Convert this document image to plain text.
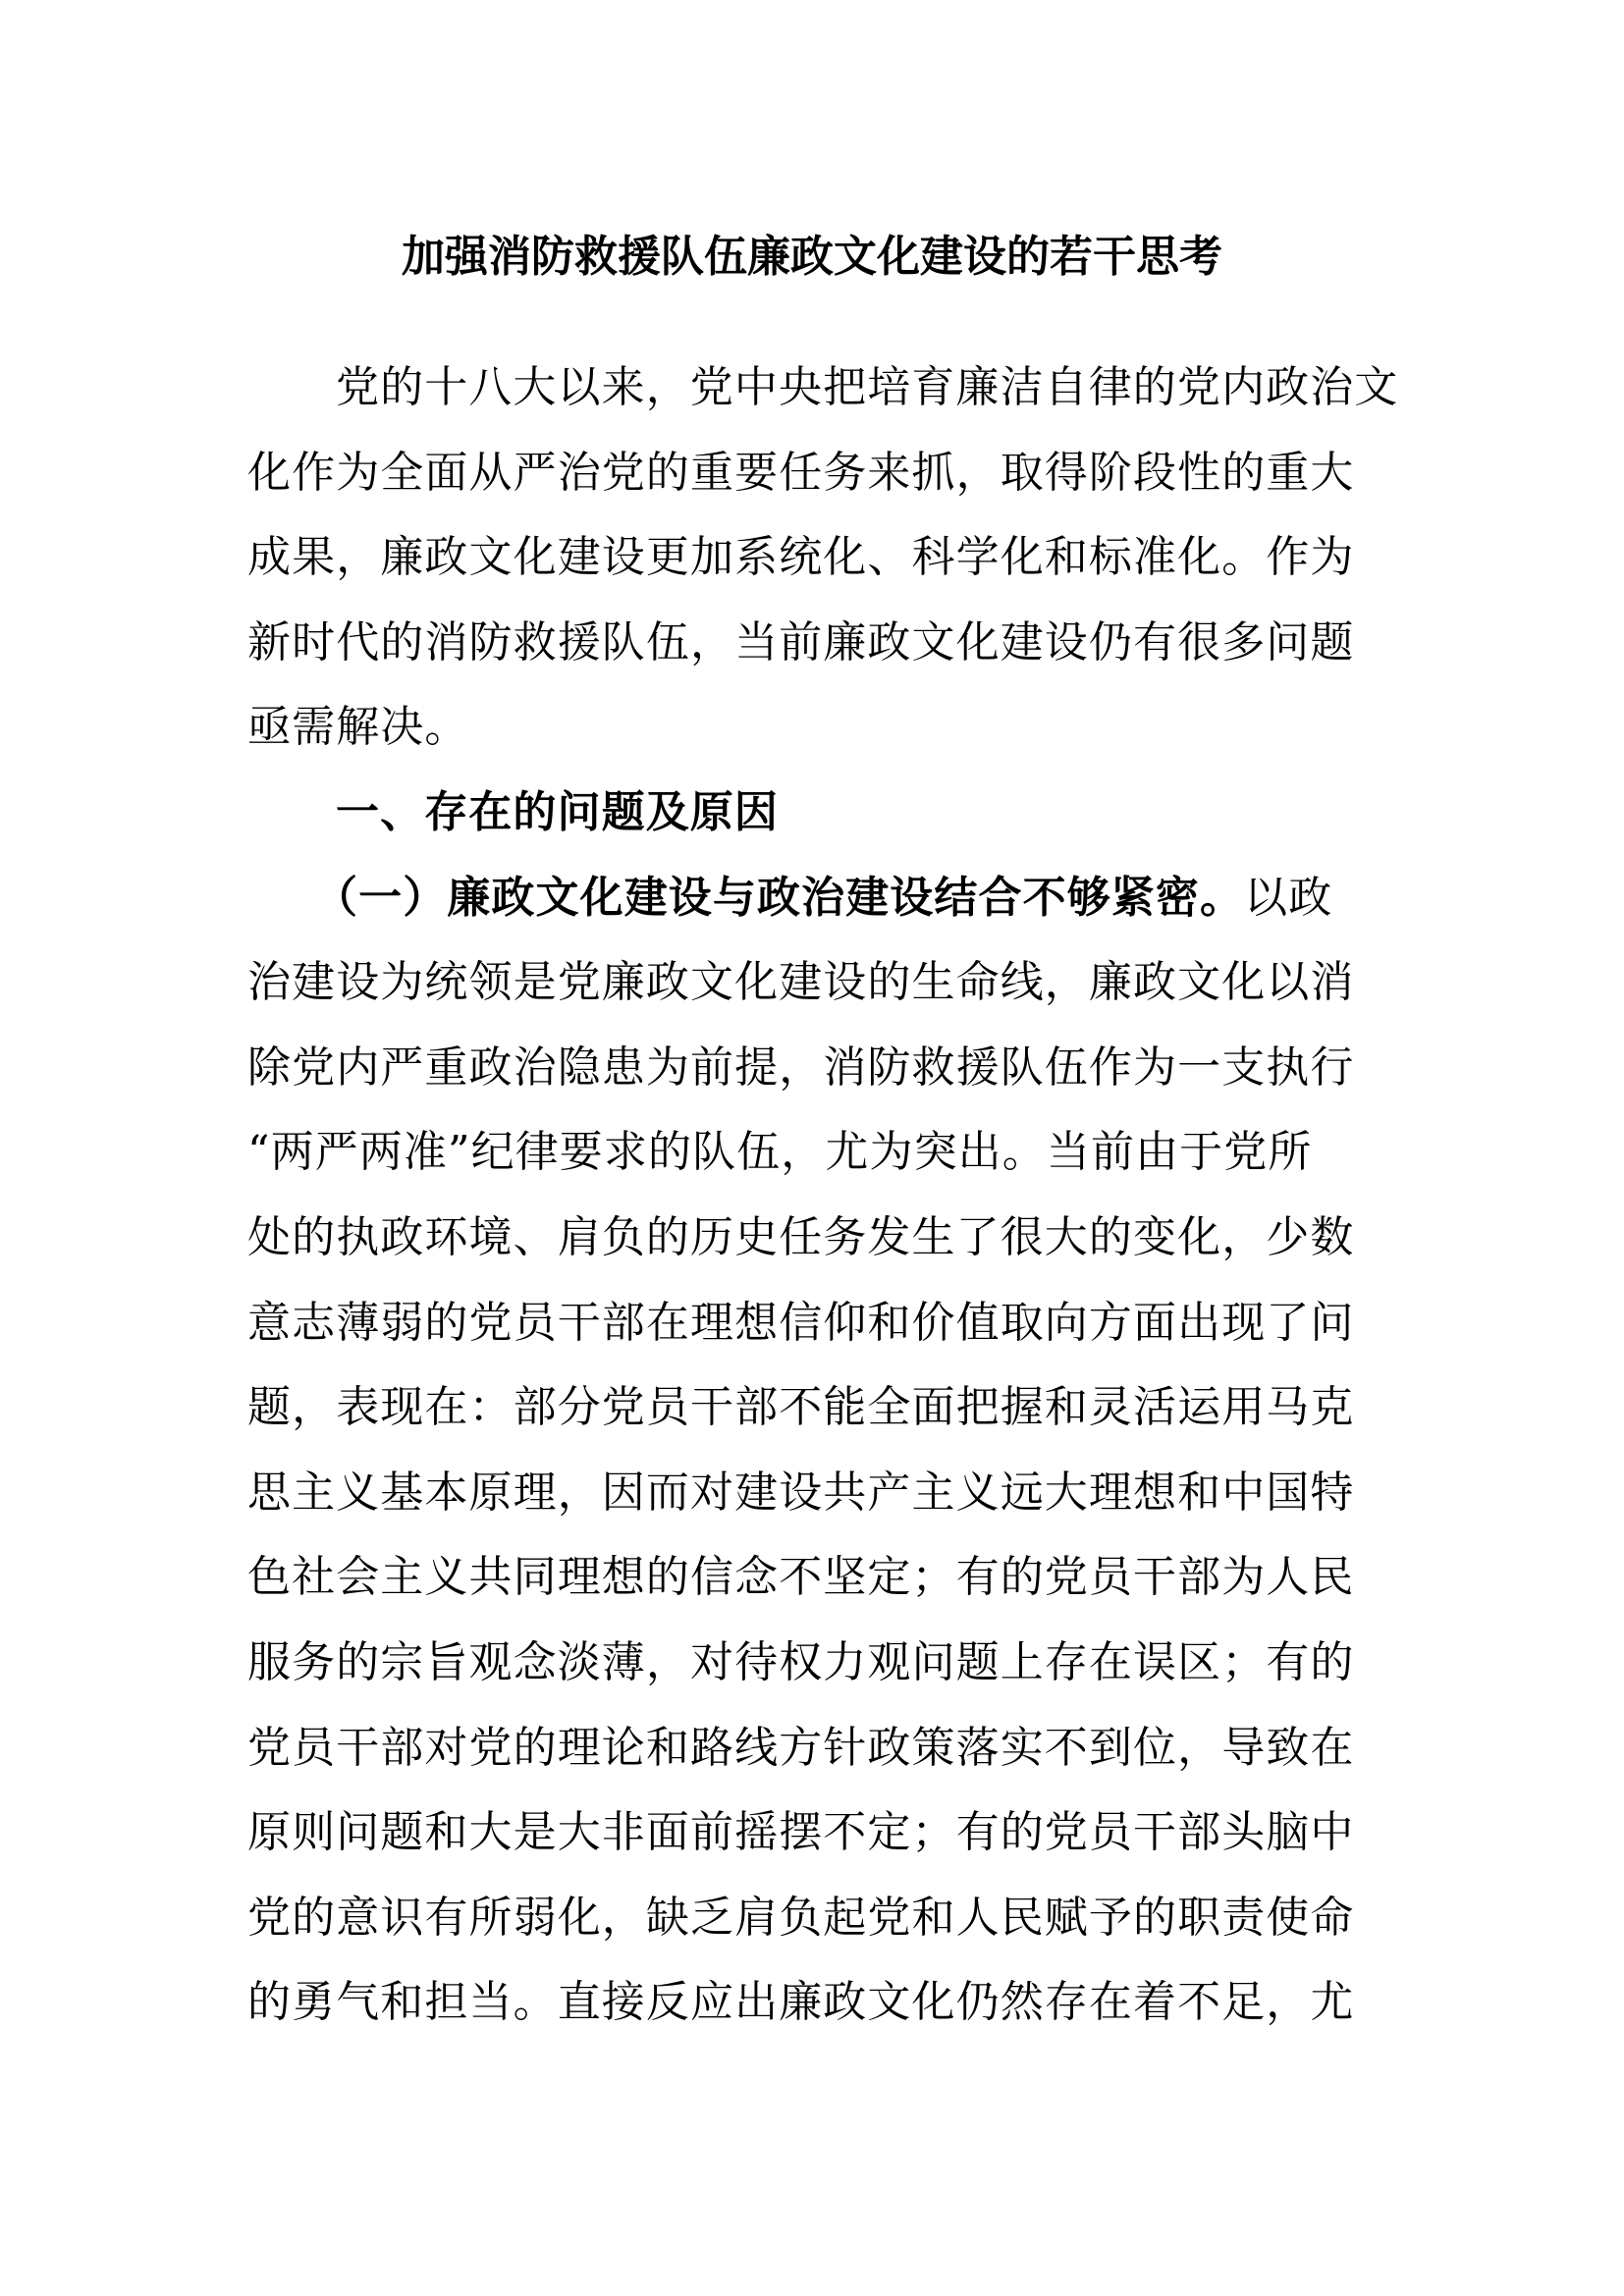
加强消防救援队伍廉政文化建设的若干思考

党的十八大以来，党中央把培育廉洁自律的党内政治文

化作为全面从严治党的重要任务来抓，取得阶段性的重大

成果，廉政文化建设更加系统化、科学化和标准化。作为

新时代的消防救援队伍，当前廉政文化建设仍有很多问题

亟需解决。

一、存在的问题及原因

（一）廉政文化建设与政治建设结合不够紧密。以政

治建设为统领是党廉政文化建设的生命线，廉政文化以消

除党内严重政治隐患为前提，消防救援队伍作为一支执行

“两严两准”纪律要求的队伍，尤为突出。当前由于党所

处的执政环境、肩负的历史任务发生了很大的变化，少数

意志薄弱的党员干部在理想信仰和价值取向方面出现了问

题，表现在：部分党员干部不能全面把握和灵活运用马克

思主义基本原理，因而对建设共产主义远大理想和中国特

色社会主义共同理想的信念不坚定；有的党员干部为人民

服务的宗旨观念淡薄，对待权力观问题上存在误区；有的

党员干部对党的理论和路线方针政策落实不到位，导致在

原则问题和大是大非面前摇摆不定；有的党员干部头脑中

党的意识有所弱化，缺乏肩负起党和人民赋予的职责使命

的勇气和担当。直接反应出廉政文化仍然存在着不足，尤
